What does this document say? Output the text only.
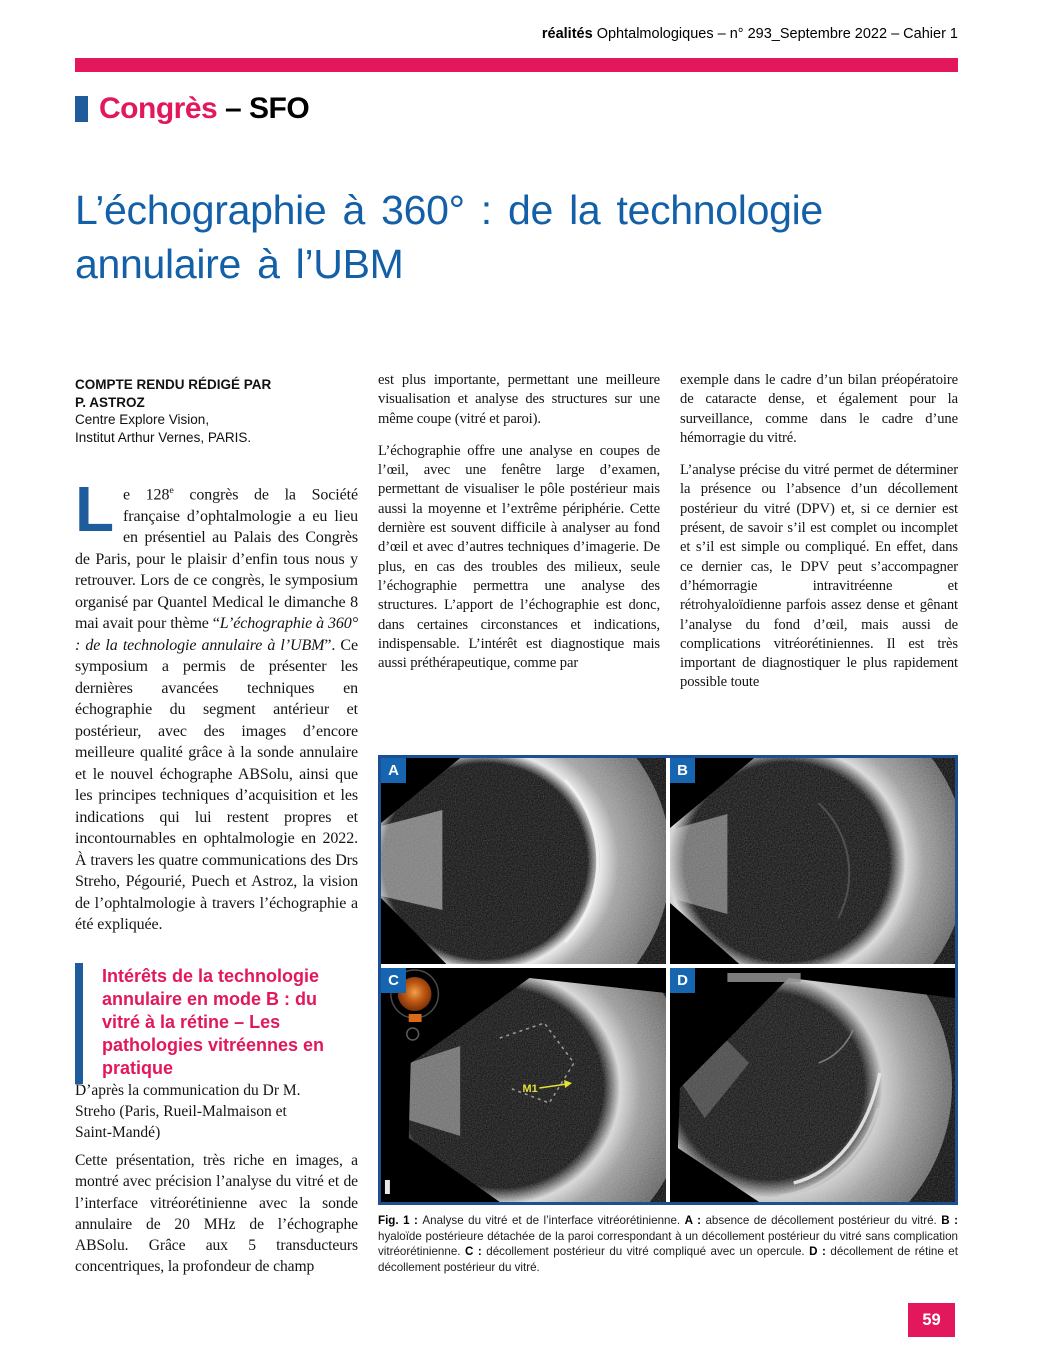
réalités Ophtalmologiques – n° 293_Septembre 2022 – Cahier 1
Congrès – SFO
L’échographie à 360° : de la technologie annulaire à l’UBM
COMPTE RENDU RÉDIGÉ PAR
P. ASTROZ
Centre Explore Vision,
Institut Arthur Vernes, PARIS.

Le 128e congrès de la Société française d’ophtalmologie a eu lieu en présentiel au Palais des Congrès de Paris, pour le plaisir d’enfin tous nous y retrouver. Lors de ce congrès, le symposium organisé par Quantel Medical le dimanche 8 mai avait pour thème “L’échographie à 360° : de la technologie annulaire à l’UBM”. Ce symposium a permis de présenter les dernières avancées techniques en échographie du segment antérieur et postérieur, avec des images d’encore meilleure qualité grâce à la sonde annulaire et le nouvel échographe ABSolu, ainsi que les principes techniques d’acquisition et les indications qui lui restent propres et incontournables en ophtalmologie en 2022. À travers les quatre communications des Drs Streho, Pégourié, Puech et Astroz, la vision de l’ophtalmologie à travers l’échographie a été expliquée.

est plus importante, permettant une meilleure visualisation et analyse des structures sur une même coupe (vitré et paroi).

L’échographie offre une analyse en coupes de l’œil, avec une fenêtre large d’examen, permettant de visualiser le pôle postérieur mais aussi la moyenne et l’extrême périphérie. Cette dernière est souvent difficile à analyser au fond d’œil et avec d’autres techniques d’imagerie. De plus, en cas des troubles des milieux, seule l’échographie permettra une analyse des structures. L’apport de l’échographie est donc, dans certaines circonstances et indications, indispensable. L’intérêt est diagnostique mais aussi préthérapeutique, comme par

exemple dans le cadre d’un bilan préopératoire de cataracte dense, et également pour la surveillance, comme dans le cadre d’une hémorragie du vitré.

L’analyse précise du vitré permet de déterminer la présence ou l’absence d’un décollement postérieur du vitré (DPV) et, si ce dernier est présent, de savoir s’il est complet ou incomplet et s’il est simple ou compliqué. En effet, dans ce dernier cas, le DPV peut s’accompagner d’hémorragie intravitréenne et rétrohyaloïdienne parfois assez dense et gênant l’analyse du fond d’œil, mais aussi de complications vitréorétiniennes. Il est très important de diagnostiquer le plus rapidement possible toute

Intérêts de la technologie annulaire en mode B : du vitré à la rétine – Les pathologies vitréennes en pratique
D’après la communication du Dr M. Streho (Paris, Rueil-Malmaison et Saint-Mandé)

Cette présentation, très riche en images, a montré avec précision l’analyse du vitré et de l’interface vitréorétinienne avec la sonde annulaire de 20 MHz de l’échographe ABSolu. Grâce aux 5 transducteurs concentriques, la profondeur de champ

A	B
M1
C	D
Fig. 1 : Analyse du vitré et de l’interface vitréorétinienne. A : absence de décollement postérieur du vitré. B : hyaloïde postérieure détachée de la paroi correspondant à un décollement postérieur du vitré sans complication vitréorétinienne. C : décollement postérieur du vitré compliqué avec un opercule. D : décollement de rétine et décollement postérieur du vitré.
59
